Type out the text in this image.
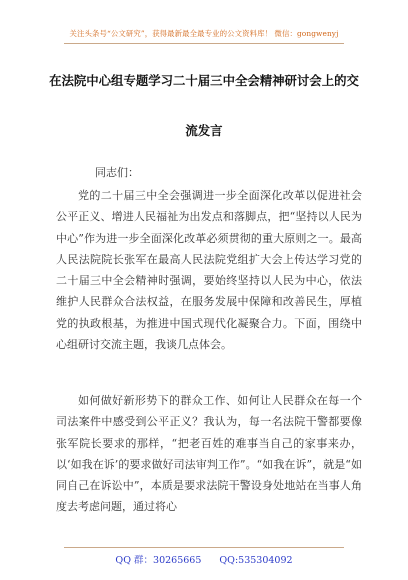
关注头条号“公文研究”，获得最新最全最专业的公文资料库！ 微信：gongwenyj
在法院中心组专题学习二十届三中全会精神研讨会上的交
流发言
同志们：

党的二十届三中全会强调进一步全面深化改革以促进社会公平正义、增进人民福祉为出发点和落脚点，把“坚持以人民为中心”作为进一步全面深化改革必须贯彻的重大原则之一。最高人民法院院长张军在最高人民法院党组扩大会上传达学习党的二十届三中全会精神时强调，要始终坚持以人民为中心，依法维护人民群众合法权益，在服务发展中保障和改善民生，厚植党的执政根基，为推进中国式现代化凝聚合力。下面，围绕中心组研讨交流主题，我谈几点体会。

如何做好新形势下的群众工作、如何让人民群众在每一个司法案件中感受到公平正义？我认为，每一名法院干警都要像张军院长要求的那样，“把老百姓的难事当自己的家事来办，以‘如我在诉’的要求做好司法审判工作”。“如我在诉”，就是“如同自己在诉讼中”，本质是要求法院干警设身处地站在当事人角度去考虑问题，通过将心

QQ 群：30265665 QQ:535304092
